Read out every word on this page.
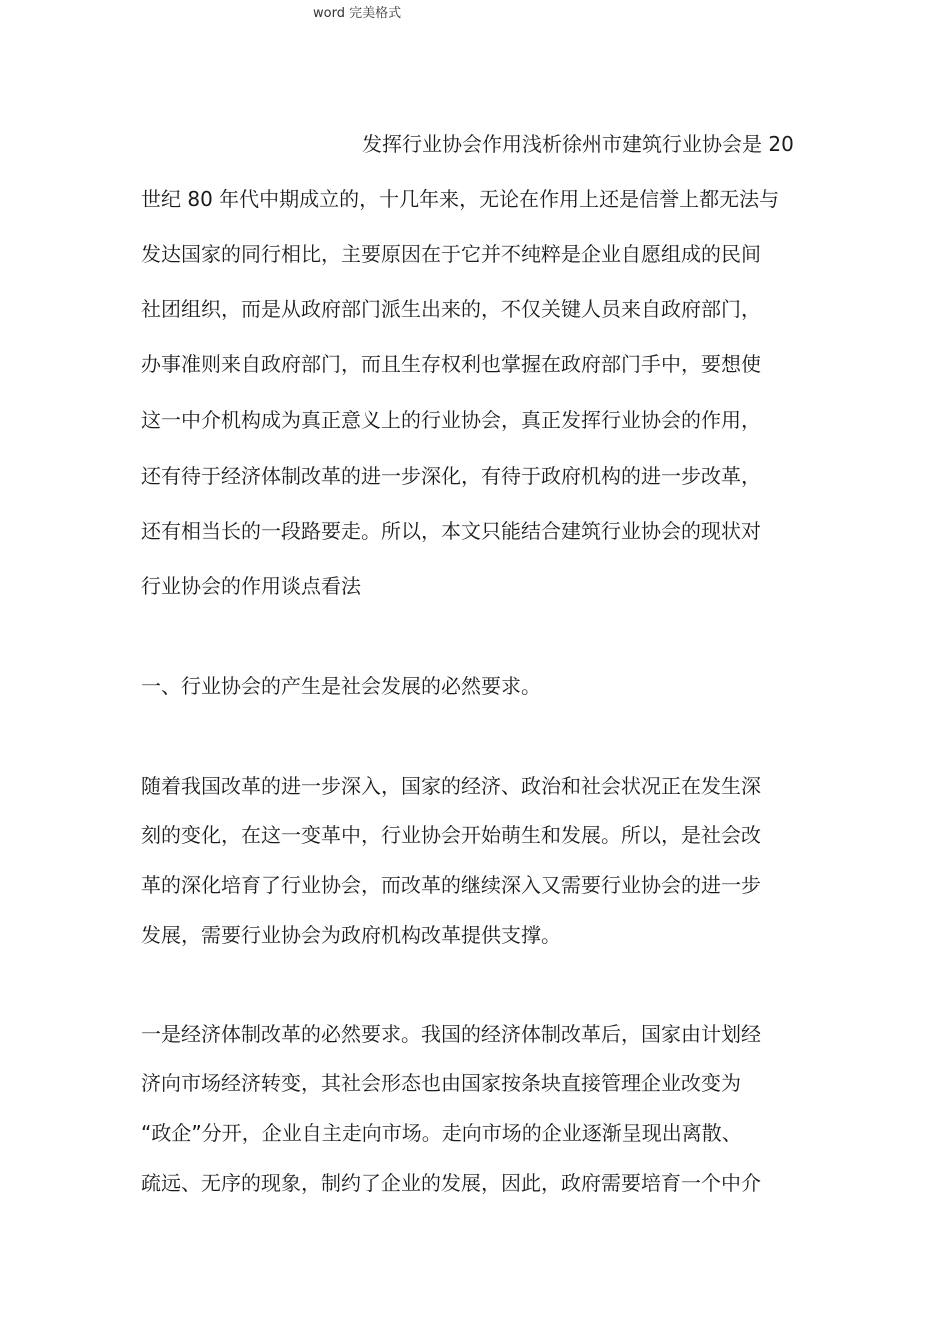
word 完美格式
发挥行业协会作用浅析徐州市建筑行业协会是 20
世纪 80 年代中期成立的，十几年来，无论在作用上还是信誉上都无法与
发达国家的同行相比，主要原因在于它并不纯粹是企业自愿组成的民间
社团组织，而是从政府部门派生出来的，不仅关键人员来自政府部门，
办事准则来自政府部门，而且生存权利也掌握在政府部门手中，要想使
这一中介机构成为真正意义上的行业协会，真正发挥行业协会的作用，
还有待于经济体制改革的进一步深化，有待于政府机构的进一步改革，
还有相当长的一段路要走。所以，本文只能结合建筑行业协会的现状对
行业协会的作用谈点看法
一、行业协会的产生是社会发展的必然要求。
随着我国改革的进一步深入，国家的经济、政治和社会状况正在发生深
刻的变化，在这一变革中，行业协会开始萌生和发展。所以，是社会改
革的深化培育了行业协会，而改革的继续深入又需要行业协会的进一步
发展，需要行业协会为政府机构改革提供支撑。
一是经济体制改革的必然要求。我国的经济体制改革后，国家由计划经
济向市场经济转变，其社会形态也由国家按条块直接管理企业改变为
“政企”分开，企业自主走向市场。走向市场的企业逐渐呈现出离散、
疏远、无序的现象，制约了企业的发展，因此，政府需要培育一个中介
